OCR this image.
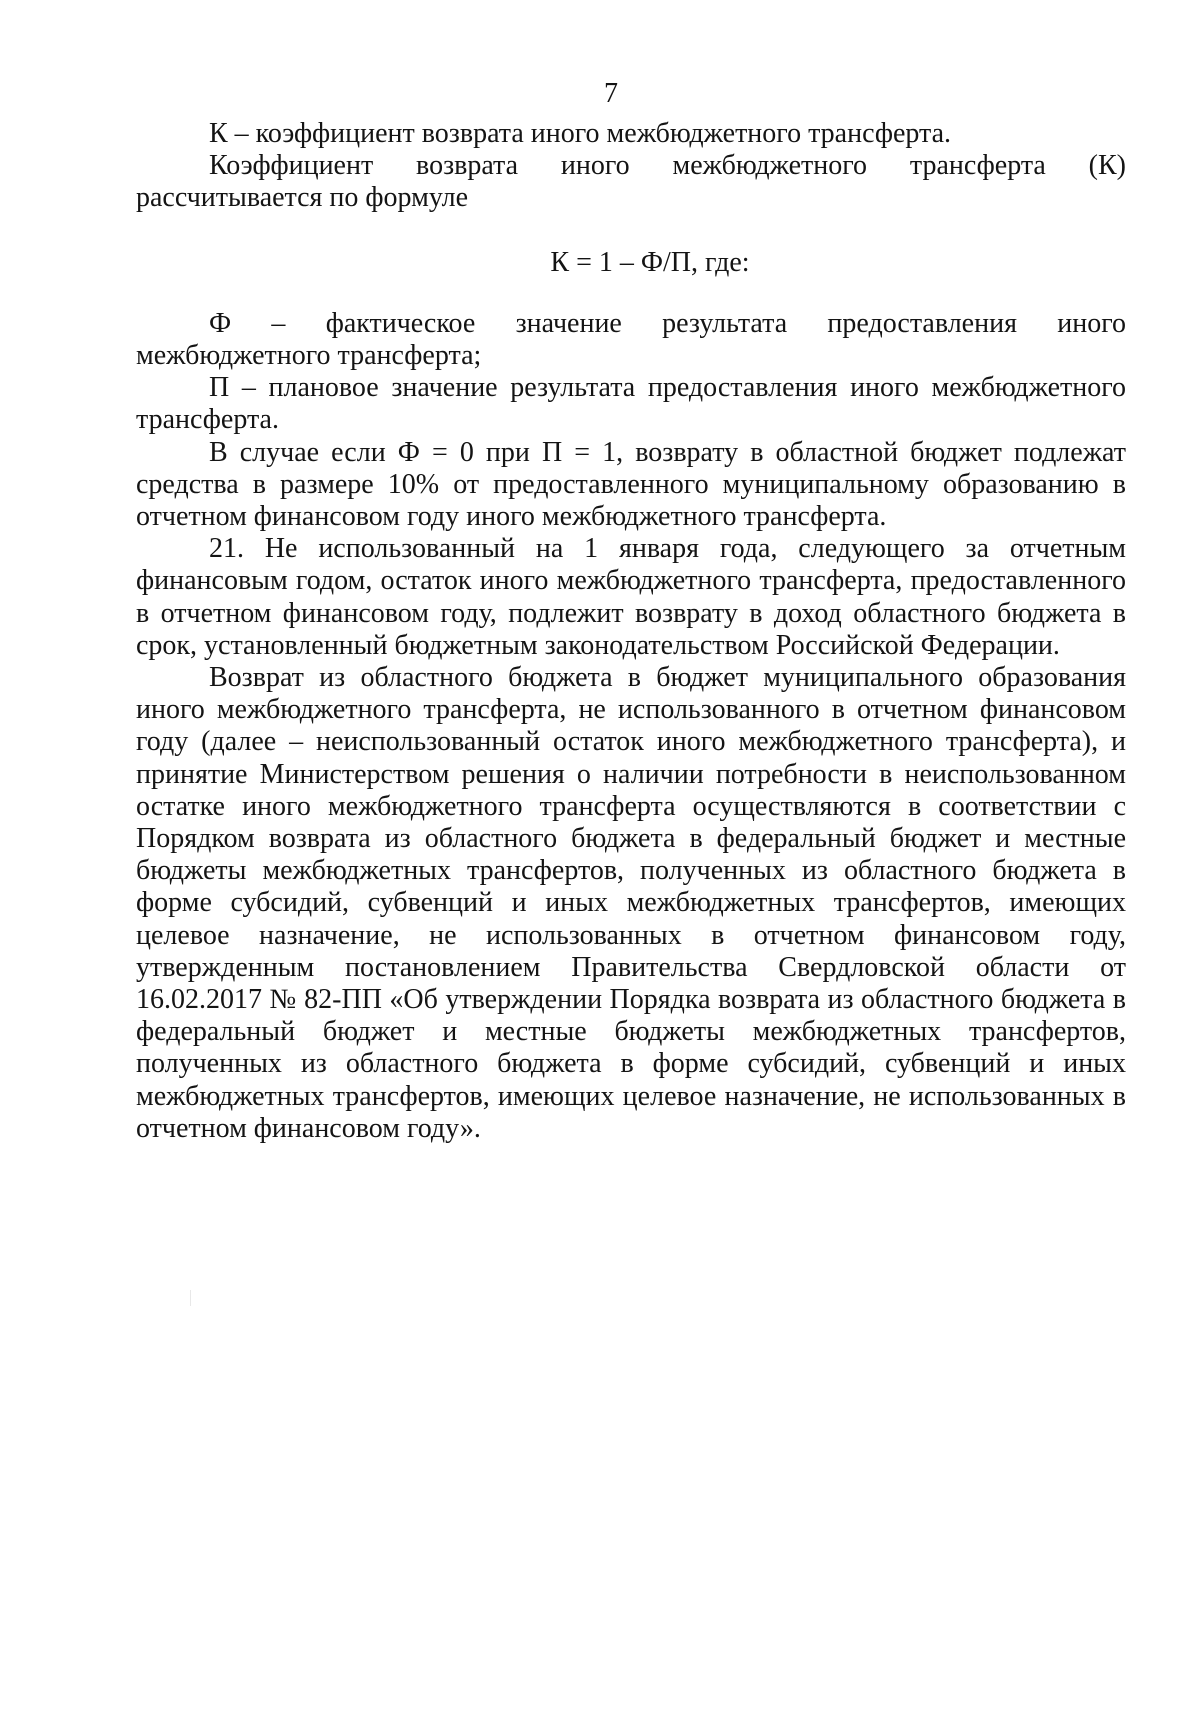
7

К – коэффициент возврата иного межбюджетного трансферта.

Коэффициент возврата иного межбюджетного трансферта (К) рассчитывается по формуле

К = 1 – Ф/П, где:

Ф – фактическое значение результата предоставления иного межбюджетного трансферта;

П – плановое значение результата предоставления иного межбюджетного трансферта.

В случае если Ф = 0 при П = 1, возврату в областной бюджет подлежат средства в размере 10% от предоставленного муниципальному образованию в отчетном финансовом году иного межбюджетного трансферта.

21. Не использованный на 1 января года, следующего за отчетным финансовым годом, остаток иного межбюджетного трансферта, предоставленного в отчетном финансовом году, подлежит возврату в доход областного бюджета в срок, установленный бюджетным законодательством Российской Федерации.

Возврат из областного бюджета в бюджет муниципального образования иного межбюджетного трансферта, не использованного в отчетном финансовом году (далее – неиспользованный остаток иного межбюджетного трансферта), и принятие Министерством решения о наличии потребности в неиспользованном остатке иного межбюджетного трансферта осуществляются в соответствии с Порядком возврата из областного бюджета в федеральный бюджет и местные бюджеты межбюджетных трансфертов, полученных из областного бюджета в форме субсидий, субвенций и иных межбюджетных трансфертов, имеющих целевое назначение, не использованных в отчетном финансовом году, утвержденным постановлением Правительства Свердловской области от 16.02.2017 № 82-ПП «Об утверждении Порядка возврата из областного бюджета в федеральный бюджет и местные бюджеты межбюджетных трансфертов, полученных из областного бюджета в форме субсидий, субвенций и иных межбюджетных трансфертов, имеющих целевое назначение, не использованных в отчетном финансовом году».
